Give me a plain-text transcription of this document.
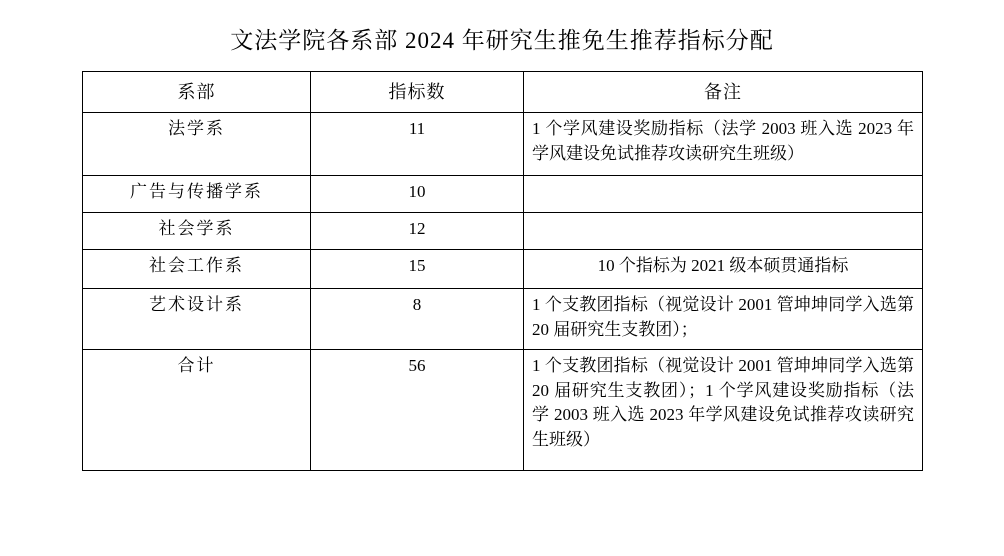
文法学院各系部 2024 年研究生推免生推荐指标分配
系部	指标数	备注
法学系	11	1 个学风建设奖励指标（法学 2003 班入选 2023 年学风建设免试推荐攻读研究生班级）
广告与传播学系	10	
社会学系	12	
社会工作系	15	10 个指标为 2021 级本硕贯通指标
艺术设计系	8	1 个支教团指标（视觉设计 2001 管坤坤同学入选第 20 届研究生支教团）；
合计	56	1 个支教团指标（视觉设计 2001 管坤坤同学入选第 20 届研究生支教团）；1 个学风建设奖励指标（法学 2003 班入选 2023 年学风建设免试推荐攻读研究生班级）
